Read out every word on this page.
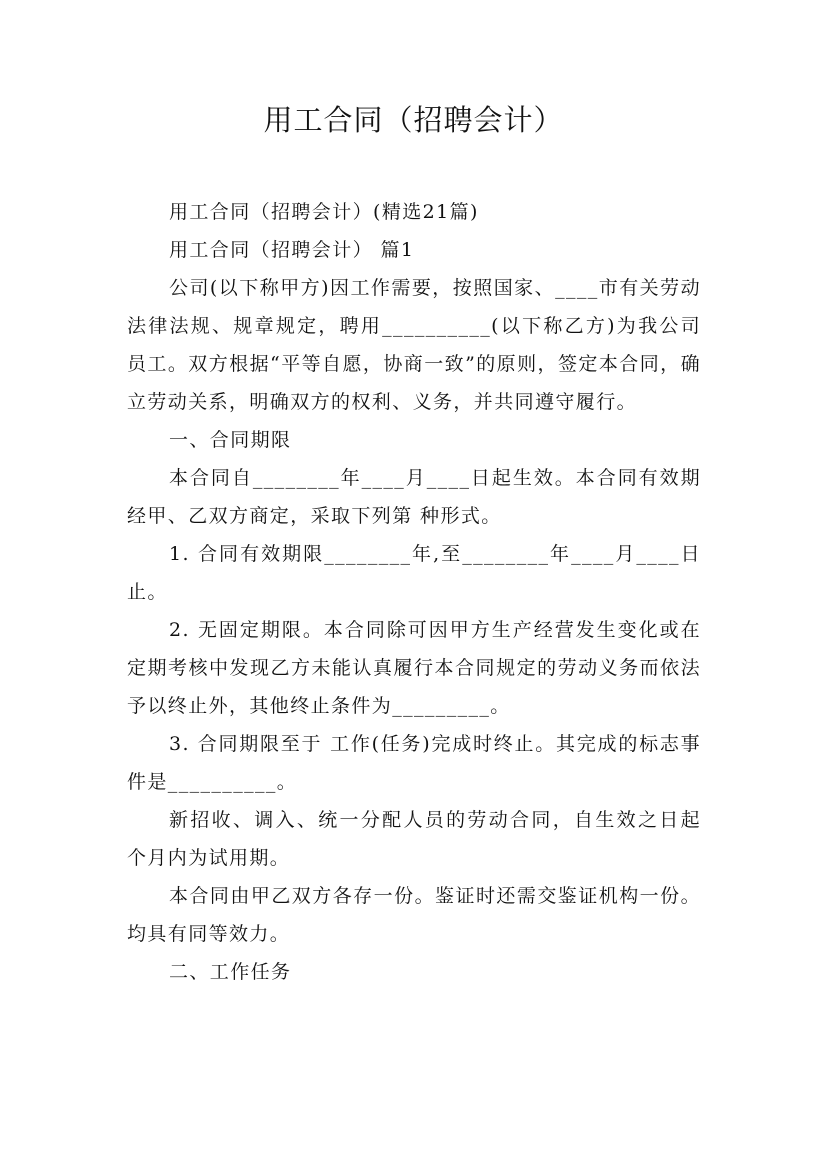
用工合同（招聘会计）

用工合同（招聘会计）(精选21篇)

用工合同（招聘会计） 篇1

公司(以下称甲方)因工作需要，按照国家、____市有关劳动法律法规、规章规定，聘用__________(以下称乙方)为我公司员工。双方根据“平等自愿，协商一致”的原则，签定本合同，确立劳动关系，明确双方的权利、义务，并共同遵守履行。

一、合同期限

本合同自________年____月____日起生效。本合同有效期经甲、乙双方商定，采取下列第 种形式。

1. 合同有效期限________年,至________年____月____日止。

2. 无固定期限。本合同除可因甲方生产经营发生变化或在定期考核中发现乙方未能认真履行本合同规定的劳动义务而依法予以终止外，其他终止条件为_________。

3. 合同期限至于 工作(任务)完成时终止。其完成的标志事件是__________。

新招收、调入、统一分配人员的劳动合同，自生效之日起 个月内为试用期。

本合同由甲乙双方各存一份。鉴证时还需交鉴证机构一份。均具有同等效力。

二、工作任务
